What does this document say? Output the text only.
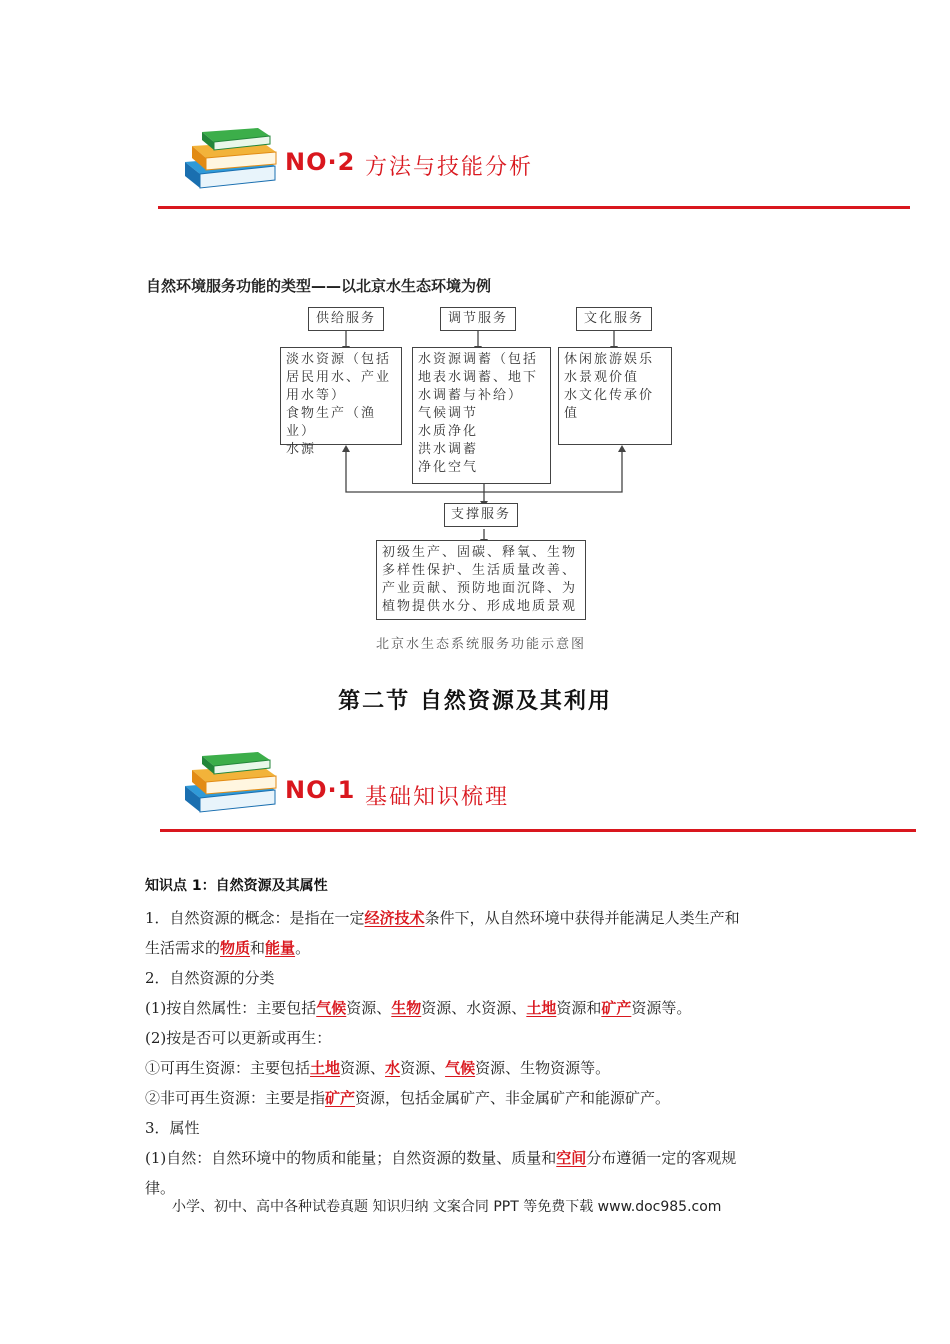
NO·2 方法与技能分析
自然环境服务功能的类型——以北京水生态环境为例
供给服务	调节服务	文化服务
淡水资源（包括
居民用水、产业
用水等）
食物生产（渔业）
水源
水资源调蓄（包括
地表水调蓄、地下
水调蓄与补给）
气候调节
水质净化
洪水调蓄
净化空气
休闲旅游娱乐
水景观价值
水文化传承价值
支撑服务
初级生产、固碳、释氧、生物
多样性保护、生活质量改善、
产业贡献、预防地面沉降、为
植物提供水分、形成地质景观
北京水生态系统服务功能示意图
第二节 自然资源及其利用
NO·1 基础知识梳理
知识点 1：自然资源及其属性
1．自然资源的概念：是指在一定经济技术条件下，从自然环境中获得并能满足人类生产和
生活需求的物质和能量。
2．自然资源的分类
(1)按自然属性：主要包括气候资源、生物资源、水资源、土地资源和矿产资源等。
(2)按是否可以更新或再生：
①可再生资源：主要包括土地资源、水资源、气候资源、生物资源等。
②非可再生资源：主要是指矿产资源，包括金属矿产、非金属矿产和能源矿产。
3．属性
(1)自然：自然环境中的物质和能量；自然资源的数量、质量和空间分布遵循一定的客观规
律。
小学、初中、高中各种试卷真题 知识归纳 文案合同 PPT 等免费下载 www.doc985.com
